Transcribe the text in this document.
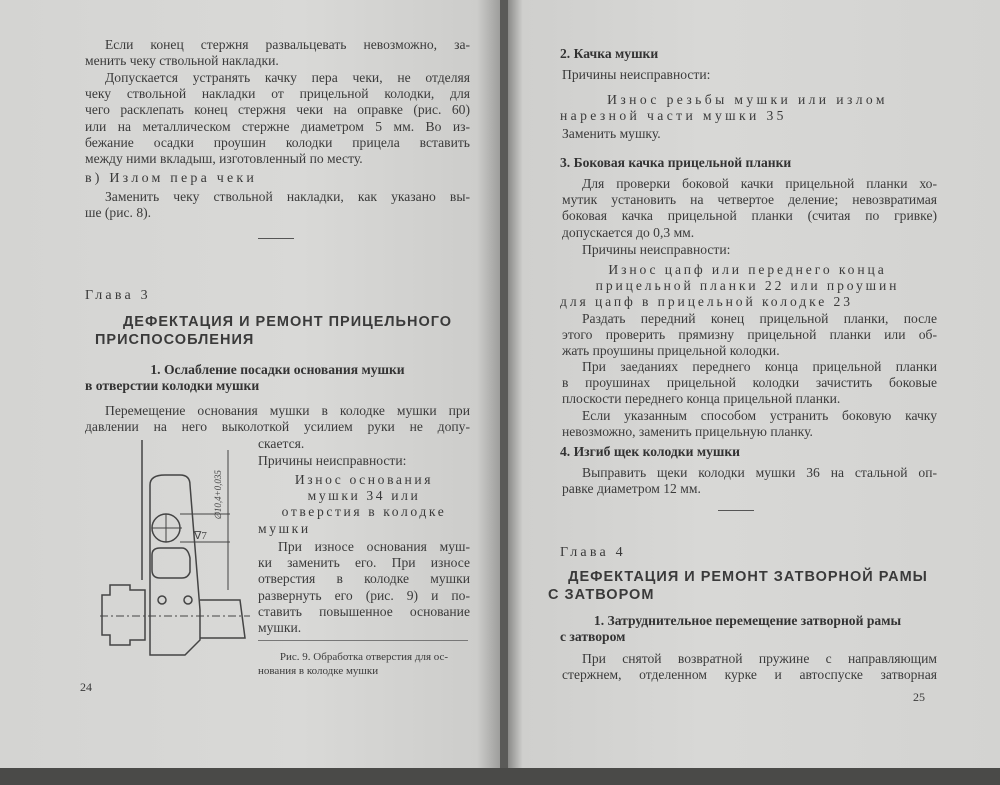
Если конец стержня развальцевать невозможно, за-
менить чеку ствольной накладки.
Допускается устранять качку пера чеки, не отделяя
чеку ствольной накладки от прицельной колодки, для
чего расклепать конец стержня чеки на оправке (рис. 60)
или на металлическом стержне диаметром 5 мм. Во из-
бежание осадки проушин колодки прицела вставить
между ними вкладыш, изготовленный по месту.
в) Излом пера чеки
Заменить чеку ствольной накладки, как указано вы-
ше (рис. 8).
Глава 3
ДЕФЕКТАЦИЯ И РЕМОНТ ПРИЦЕЛЬНОГО
ПРИСПОСОБЛЕНИЯ
1. Ослабление посадки основания мушки
в отверстии колодки мушки
Перемещение основания мушки в колодке мушки при
давлении на него выколоткой усилием руки не допу-
скается.
Причины неисправности:
Износ основания
мушки 34 или
отверстия в колодке
мушки
При износе основания муш-
ки заменить его. При износе
отверстия в колодке мушки
развернуть его (рис. 9) и по-
ставить повышенное основание
мушки.
Рис. 9. Обработка отверстия для ос-
нования в колодке мушки
∅10,4+0,035
∇7
24
2. Качка мушки
Причины неисправности:
Износ резьбы мушки или излом
нарезной части мушки 35
Заменить мушку.
3. Боковая качка прицельной планки
Для проверки боковой качки прицельной планки хо-
мутик установить на четвертое деление; невозвратимая
боковая качка прицельной планки (считая по гривке)
допускается до 0,3 мм.
Причины неисправности:
Износ цапф или переднего конца
прицельной планки 22 или проушин
для цапф в прицельной колодке 23
Раздать передний конец прицельной планки, после
этого проверить прямизну прицельной планки или об-
жать проушины прицельной колодки.
При заеданиях переднего конца прицельной планки
в проушинах прицельной колодки зачистить боковые
плоскости переднего конца прицельной планки.
Если указанным способом устранить боковую качку
невозможно, заменить прицельную планку.
4. Изгиб щек колодки мушки
Выправить щеки колодки мушки 36 на стальной оп-
равке диаметром 12 мм.
Глава 4
ДЕФЕКТАЦИЯ И РЕМОНТ ЗАТВОРНОЙ РАМЫ
С ЗАТВОРОМ
1. Затруднительное перемещение затворной рамы
с затвором
При снятой возвратной пружине с направляющим
стержнем, отделенном курке и автоспуске затворная
25
